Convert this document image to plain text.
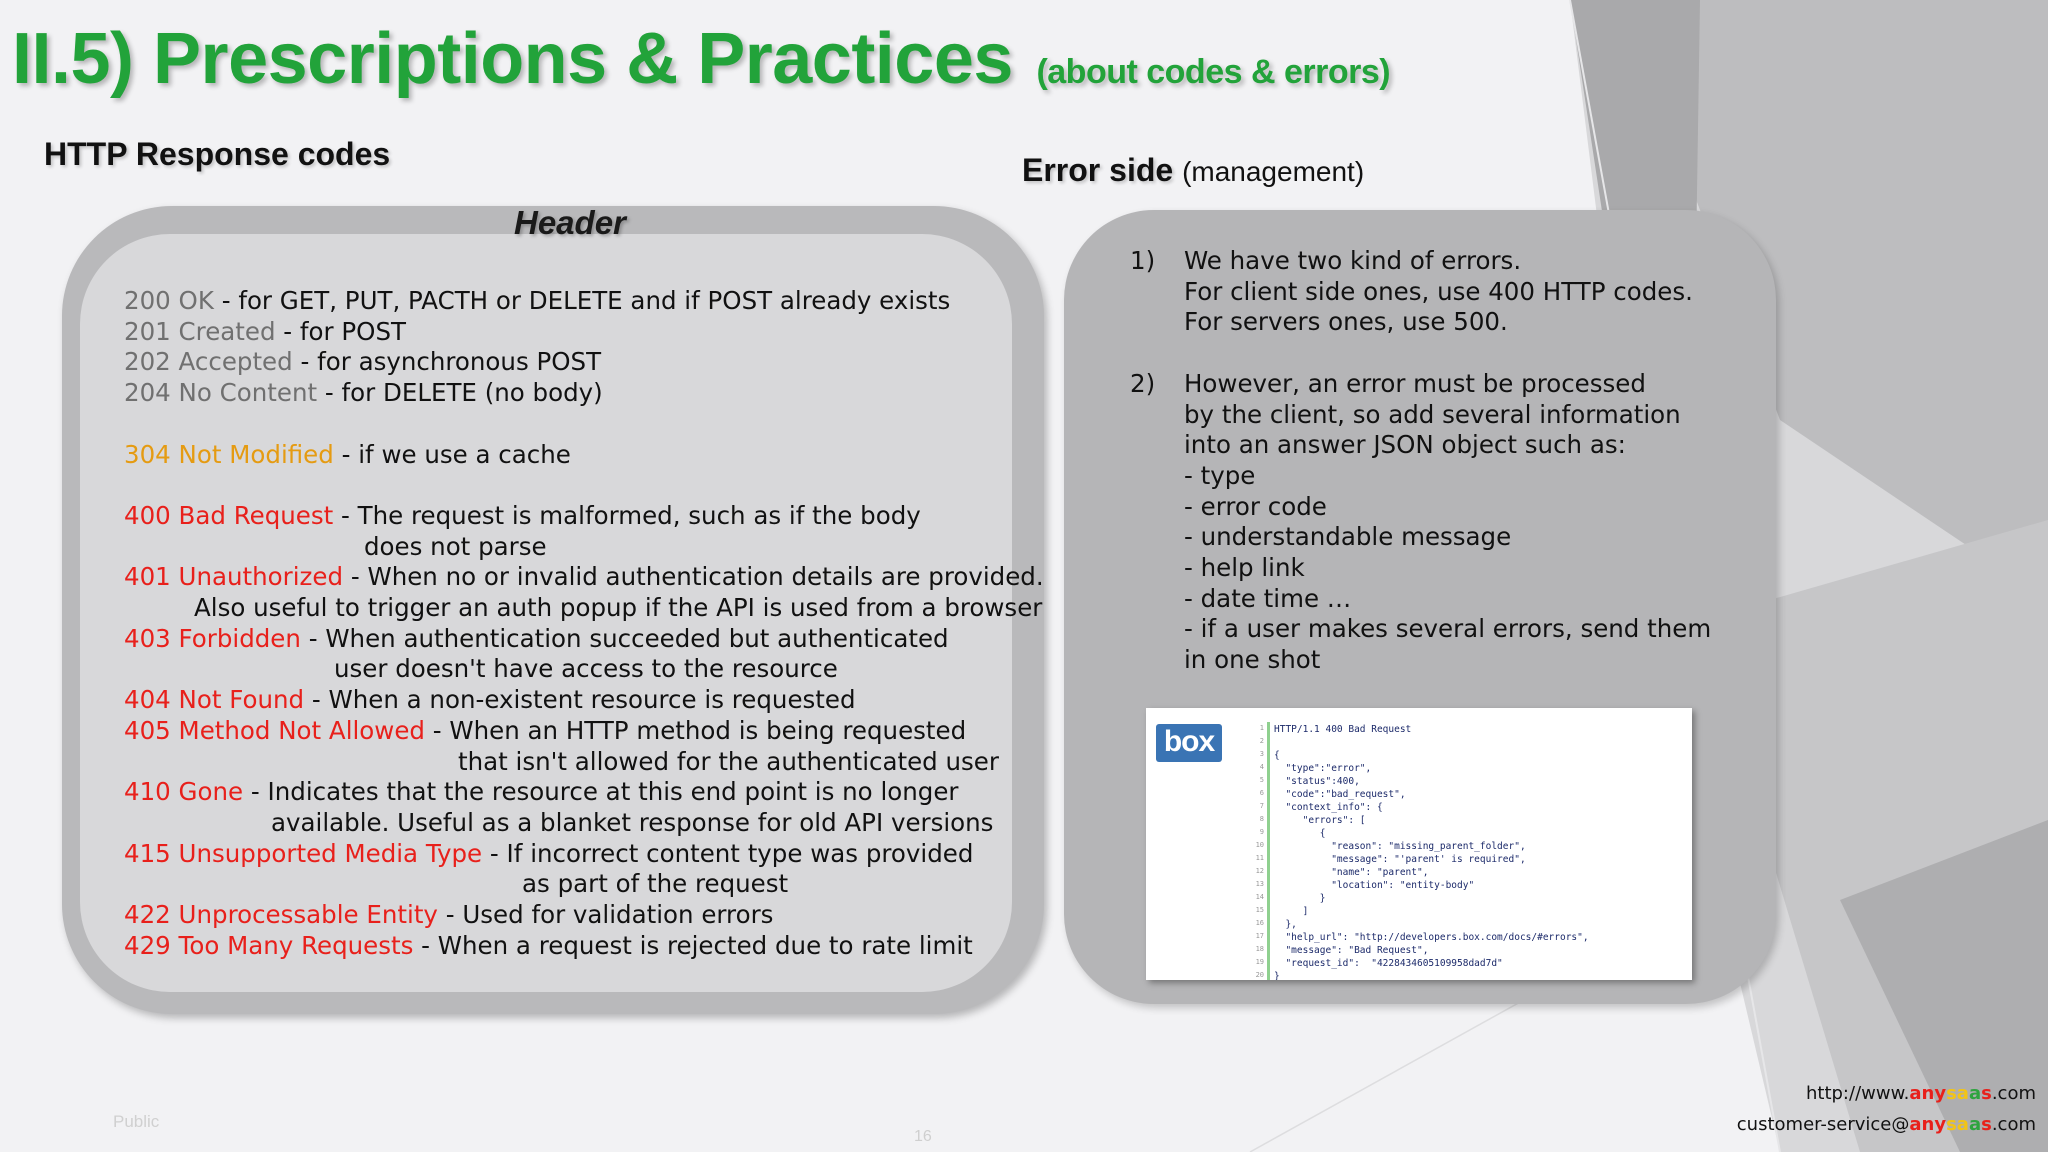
II.5) Prescriptions & Practices (about codes & errors)
HTTP Response codes	Error side (management)
Header
200 OK - for GET, PUT, PACTH or DELETE and if POST already exists
201 Created - for POST
202 Accepted - for asynchronous POST
204 No Content - for DELETE (no body)
304 Not Modified - if we use a cache
400 Bad Request - The request is malformed, such as if the body
does not parse
401 Unauthorized - When no or invalid authentication details are provided.
Also useful to trigger an auth popup if the API is used from a browser
403 Forbidden - When authentication succeeded but authenticated
user doesn't have access to the resource
404 Not Found - When a non-existent resource is requested
405 Method Not Allowed - When an HTTP method is being requested
that isn't allowed for the authenticated user
410 Gone - Indicates that the resource at this end point is no longer
available. Useful as a blanket response for old API versions
415 Unsupported Media Type - If incorrect content type was provided
as part of the request
422 Unprocessable Entity - Used for validation errors
429 Too Many Requests - When a request is rejected due to rate limit
1) We have two kind of errors.
For client side ones, use 400 HTTP codes.
For servers ones, use 500.
2) However, an error must be processed
by the client, so add several information
into an answer JSON object such as:
- type
- error code
- understandable message
- help link
- date time …
- if a user makes several errors, send them
in one shot
box	1
2
3
4
5
6
7
8
9
10
11
12
13
14
15
16
17
18
19
20
HTTP/1.1 400 Bad Request

{
"type":"error",
"status":400,
"code":"bad_request",
"context_info": {
"errors": [
{
"reason": "missing_parent_folder",
"message": "'parent' is required",
"name": "parent",
"location": "entity-body"
}
]
},
"help_url": "http://developers.box.com/docs/#errors",
"message": "Bad Request",
"request_id":  "4228434605109958dad7d"
}
Public
16
http://www.anysaas.com
customer-service@anysaas.com
